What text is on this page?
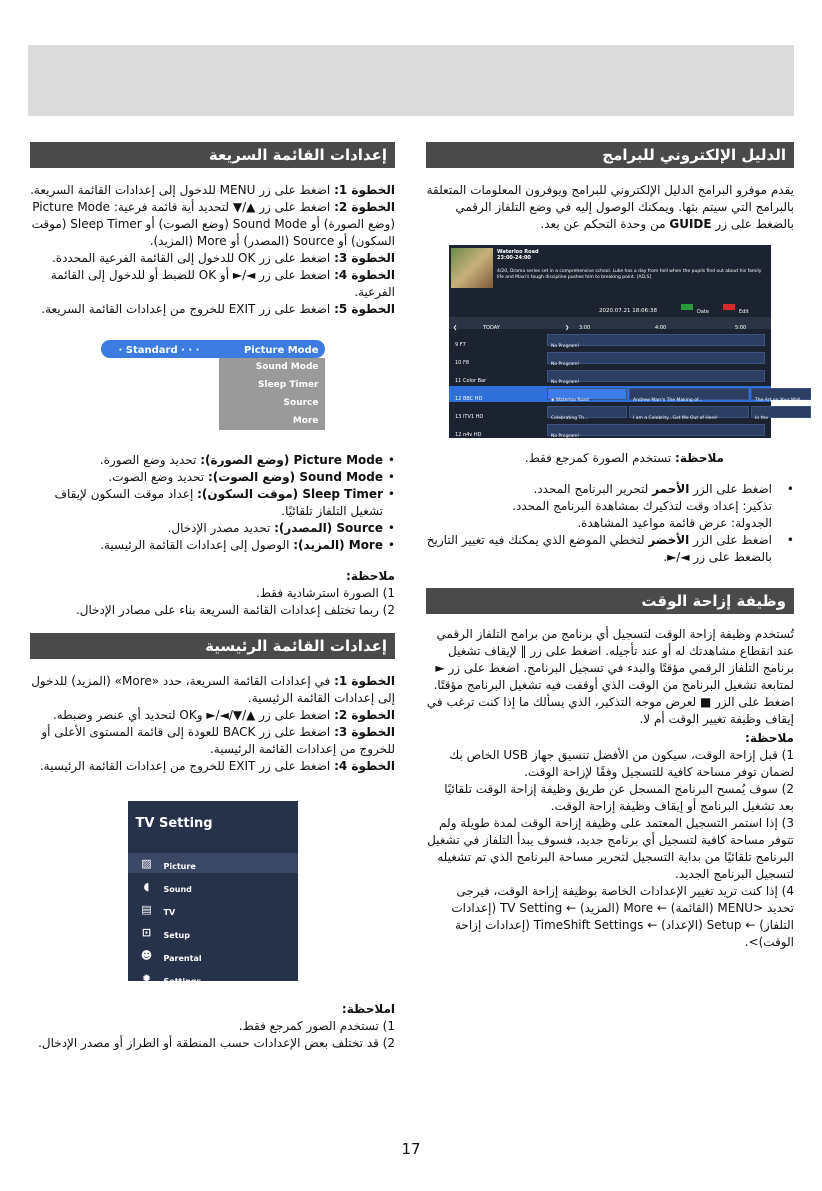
الدليل الإلكتروني للبرامج
يقدم موفرو البرامج الدليل الإلكتروني للبرامج ويوفرون المعلومات المتعلقة بالبرامج التي سيتم بثها. ويمكنك الوصول إليه في وضع التلفاز الرقمي بالضغط على زر GUIDE من وحدة التحكم عن بعد.
Waterloo Road
23:00-24:00
4/20, Drama series set in a comprehensive school. Luke has a day from hell when the pupils find out about his family life and Maxi's tough discipline pushes him to breaking point. [AD,S]
2020.07.21 18:06:38	Date	Edit
❮	TODAY	❯ 3:00	4:00	5:00
9 F7	No Program!
10 F8	No Program!
11 Color Bar	No Program!
12 BBC HD	◈ Waterloo Road	Andrew Marr's The Making of...	The Art on Your Wall
13 ITV1 HD	Celebrating Th...	I am a Celebrity...Get Me Out of Here!	In the
12 n4v HD	No Program!
ملاحظة: تستخدم الصورة كمرجع فقط.
• اضغط على الزر الأحمر لتحرير البرنامج المحدد.
تذكير: إعداد وقت لتذكيرك بمشاهدة البرنامج المحدد.
الجدولة: عرض قائمة مواعيد المشاهدة.
• اضغط على الزر الأخضر لتخطي الموضع الذي يمكنك فيه تغيير التاريخ بالضغط على زر ◄/►.
وظيفة إزاحة الوقت
تُستخدم وظيفة إزاحة الوقت لتسجيل أي برنامج من برامج التلفاز الرقمي عند انقطاع مشاهدتك له أو عند تأجيله. اضغط على زر ‖ لإيقاف تشغيل برنامج التلفاز الرقمي مؤقتًا والبدء في تسجيل البرنامج. اضغط على زر ► لمتابعة تشغيل البرنامج من الوقت الذي أوقفت فيه تشغيل البرنامج مؤقتًا. اضغط على الزر ■ لعرض موجه التذكير، الذي يسألك ما إذا كنت ترغب في إيقاف وظيفة تغيير الوقت أم لا.
ملاحظة:
1) قبل إزاحة الوقت، سيكون من الأفضل تنسيق جهاز USB الخاص بك لضمان توفر مساحة كافية للتسجيل وفقًا لإزاحة الوقت.
2) سوف يُمسح البرنامج المسجل عن طريق وظيفة إزاحة الوقت تلقائيًا بعد تشغيل البرنامج أو إيقاف وظيفة إزاحة الوقت.
3) إذا استمر التسجيل المعتمد على وظيفة إزاحة الوقت لمدة طويلة ولم تتوفر مساحة كافية لتسجيل أي برنامج جديد، فسوف يبدأ التلفاز في تشغيل البرنامج تلقائيًا من بداية التسجيل لتحرير مساحة البرنامج الذي تم تشغيله لتسجيل البرنامج الجديد.
4) إذا كنت تريد تغيير الإعدادات الخاصة بوظيفة إزاحة الوقت، فيرجى تحديد <MENU (القائمة) ← More (المزيد) ← TV Setting (إعدادات التلفاز) ← Setup (الإعداد) ← TimeShift Settings (إعدادات إزاحة الوقت)>.
إعدادات القائمة السريعة
الخطوة 1: اضغط على زر MENU للدخول إلى إعدادات القائمة السريعة.
الخطوة 2: اضغط على زر ▲/▼ لتحديد أية قائمة فرعية: Picture Mode (وضع الصورة) أو Sound Mode (وضع الصوت) أو Sleep Timer (موقت السكون) أو Source (المصدر) أو More (المزيد).
الخطوة 3: اضغط على زر OK للدخول إلى القائمة الفرعية المحددة.
الخطوة 4: اضغط على زر ◄/► أو OK للضبط أو للدخول إلى القائمة الفرعية.
الخطوة 5: اضغط على زر EXIT للخروج من إعدادات القائمة السريعة.
· Standard · · ·	Picture Mode
Sound Mode
Sleep Timer
Source
More
• Picture Mode (وضع الصورة): تحديد وضع الصورة.
• Sound Mode (وضع الصوت): تحديد وضع الصوت.
• Sleep Timer (موقت السكون): إعداد موقت السكون لإيقاف تشغيل التلفاز تلقائيًا.
• Source (المصدر): تحديد مصدر الإدخال.
• More (المزيد): الوصول إلى إعدادات القائمة الرئيسية.
ملاحظة:
1) الصورة استرشادية فقط.
2) ربما تختلف إعدادات القائمة السريعة بناء على مصادر الإدخال.
إعدادات القائمة الرئيسية
الخطوة 1: في إعدادات القائمة السريعة، حدد «More» (المزيد) للدخول إلى إعدادات القائمة الرئيسية.
الخطوة 2: اضغط على زر ▲/▼/◄/► وOK لتحديد أي عنصر وضبطه.
الخطوة 3: اضغط على زر BACK للعودة إلى قائمة المستوى الأعلى أو للخروج من إعدادات القائمة الرئيسية.
الخطوة 4: اضغط على زر EXIT للخروج من إعدادات القائمة الرئيسية.
TV Setting
▨ Picture
◖	Sound
▤ TV
⊡ Setup
☻ Parental
✹ Settings
املاحظة:
1) تستخدم الصور كمرجع فقط.
2) قد تختلف بعض الإعدادات حسب المنطقة أو الطراز أو مصدر الإدخال.
17
